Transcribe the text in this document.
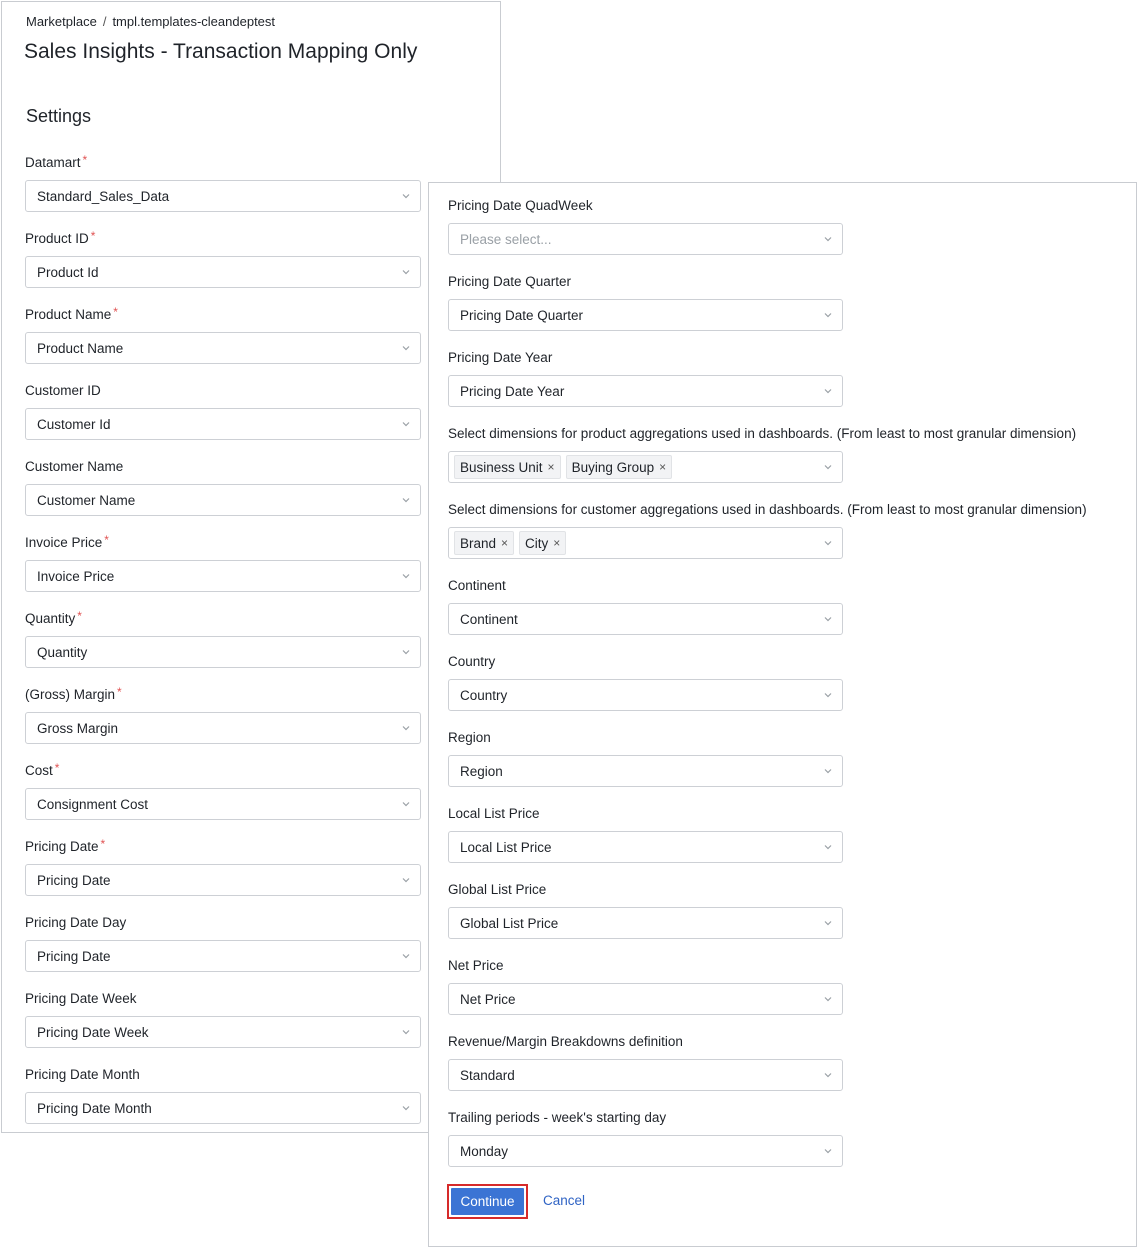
Marketplace / tmpl.templates-cleandeptest
Sales Insights - Transaction Mapping Only
Settings
Datamart *
Standard_Sales_Data
Product ID *
Product Id
Product Name *
Product Name
Customer ID
Customer Id
Customer Name
Customer Name
Invoice Price *
Invoice Price
Quantity *
Quantity
(Gross) Margin *
Gross Margin
Cost *
Consignment Cost
Pricing Date *
Pricing Date
Pricing Date Day
Pricing Date
Pricing Date Week
Pricing Date Week
Pricing Date Month
Pricing Date Month
Pricing Date QuadWeek
Please select...
Pricing Date Quarter
Pricing Date Quarter
Pricing Date Year
Pricing Date Year
Select dimensions for product aggregations used in dashboards. (From least to most granular dimension)
Business Unit × Buying Group ×
Select dimensions for customer aggregations used in dashboards. (From least to most granular dimension)
Brand × City ×
Continent
Continent
Country
Country
Region
Region
Local List Price
Local List Price
Global List Price
Global List Price
Net Price
Net Price
Revenue/Margin Breakdowns definition
Standard
Trailing periods - week's starting day
Monday
Continue	Cancel
